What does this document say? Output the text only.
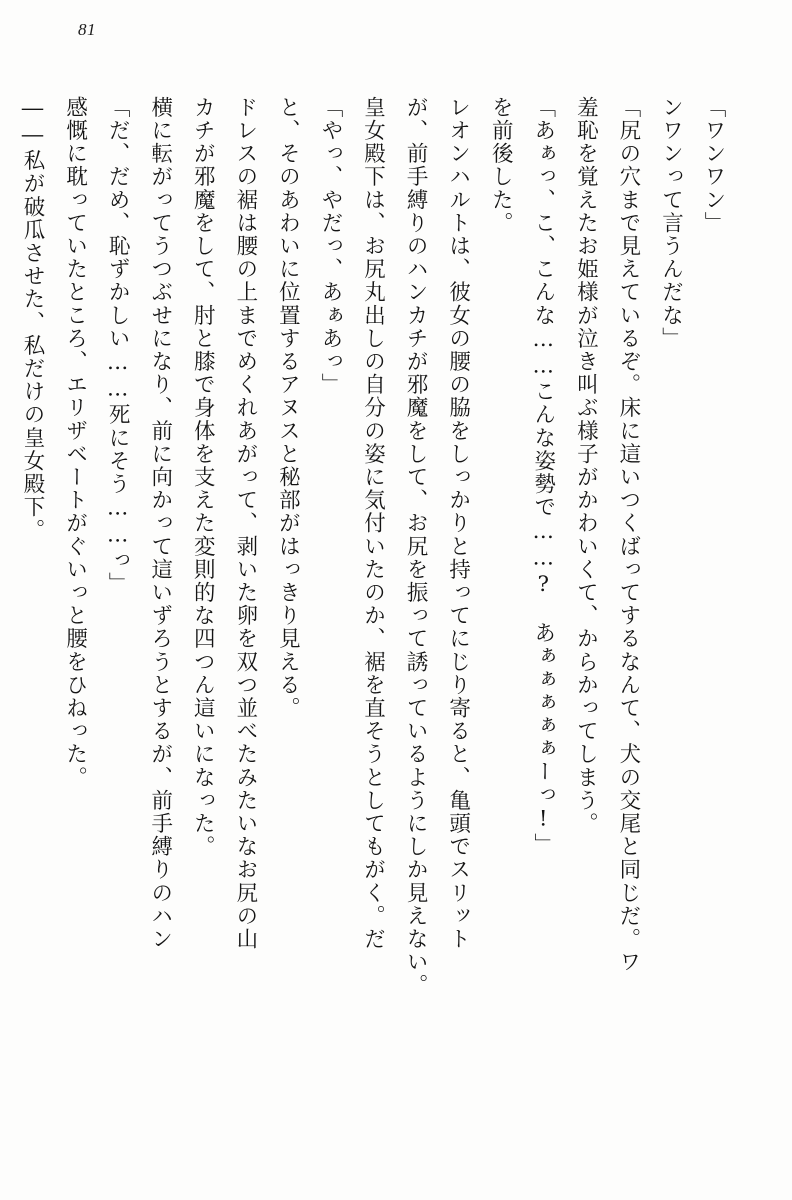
81

「ワンワン」

ンワンって言うんだな」

「尻の穴まで見えているぞ。床に這いつくばってするなんて、犬の交尾と同じだ。ワ

羞恥を覚えたお姫様が泣き叫ぶ様子がかわいくて、からかってしまう。

「あぁっ、こ、こんな……こんな姿勢で……?　あぁぁぁぁぁーっ!」

を前後した。

レオンハルトは、彼女の腰の脇をしっかりと持ってにじり寄ると、亀頭でスリット

が、前手縛りのハンカチが邪魔をして、お尻を振って誘っているようにしか見えない。

皇女殿下は、お尻丸出しの自分の姿に気付いたのか、裾を直そうとしてもがく。だ

「やっ、やだっ、あぁあっ」

と、そのあわいに位置するアヌスと秘部がはっきり見える。

ドレスの裾は腰の上までめくれあがって、剥いた卵を双つ並べたみたいなお尻の山

カチが邪魔をして、肘と膝で身体を支えた変則的な四つん這いになった。

横に転がってうつぶせになり、前に向かって這いずろうとするが、前手縛りのハン

「だ、だめ、恥ずかしい……死にそう……っ」

感慨に耽っていたところ、エリザベートがぐいっと腰をひねった。

――私が破瓜させた、私だけの皇女殿下。
